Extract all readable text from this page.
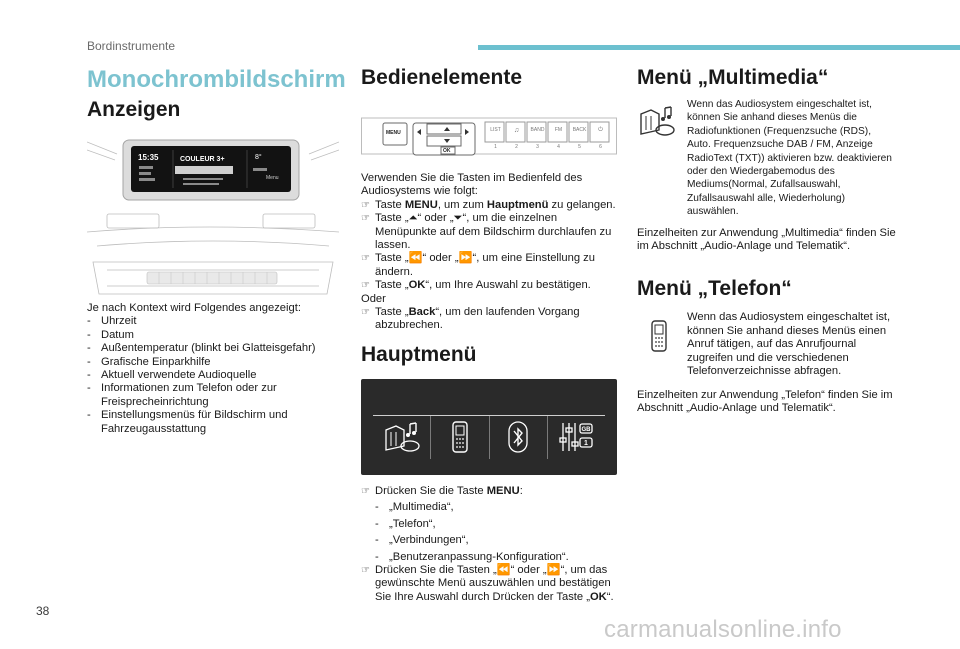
Bordinstrumente
Monochrombildschirm
Anzeigen
15:35	COULEUR 3+	8°
Menu
Je nach Kontext wird Folgendes angezeigt:
- Uhrzeit
- Datum
- Außentemperatur (blinkt bei Glatteisgefahr)
- Grafische Einparkhilfe
- Aktuell verwendete Audioquelle
- Informationen zum Telefon oder zur Freisprecheinrichtung
- Einstellungsmenüs für Bildschirm und Fahrzeugausstattung
Bedienelemente
MENU
OK
LIST	♫	BAND	FM	BACK	⏻
1	2	3	4	5	6
Verwenden Sie die Tasten im Bedienfeld des Audiosystems wie folgt:
☞ Taste MENU, um zum Hauptmenü zu gelangen.
☞ Taste „⏶“ oder „⏷“, um die einzelnen Menüpunkte auf dem Bildschirm durchlaufen zu lassen.
☞ Taste „⏪“ oder „⏩“, um eine Einstellung zu ändern.
☞ Taste „OK“, um Ihre Auswahl zu bestätigen.
Oder
☞ Taste „Back“, um den laufenden Vorgang abzubrechen.
Hauptmenü
GB
1
☞ Drücken Sie die Taste MENU:
- „Multimedia“,
- „Telefon“,
- „Verbindungen“,
- „Benutzeranpassung-Konfiguration“.
☞ Drücken Sie die Tasten „⏪“ oder „⏩“, um das gewünschte Menü auszuwählen und bestätigen Sie Ihre Auswahl durch Drücken der Taste „OK“.
Menü „Multimedia“
Wenn das Audiosystem eingeschaltet ist, können Sie anhand dieses Menüs die Radiofunktionen (Frequenzsuche (RDS), Auto. Frequenzsuche DAB / FM, Anzeige RadioText (TXT)) aktivieren bzw. deaktivieren oder den Wiedergabemodus des Mediums(Normal, Zufallsauswahl, Zufallsauswahl alle, Wiederholung) auswählen.
Einzelheiten zur Anwendung „Multimedia“ finden Sie im Abschnitt „Audio-Anlage und Telematik“.
Menü „Telefon“
Wenn das Audiosystem eingeschaltet ist, können Sie anhand dieses Menüs einen Anruf tätigen, auf das Anrufjournal zugreifen und die verschiedenen Telefonverzeichnisse abfragen.
Einzelheiten zur Anwendung „Telefon“ finden Sie im Abschnitt „Audio-Anlage und Telematik“.
38
carmanualsonline.info
